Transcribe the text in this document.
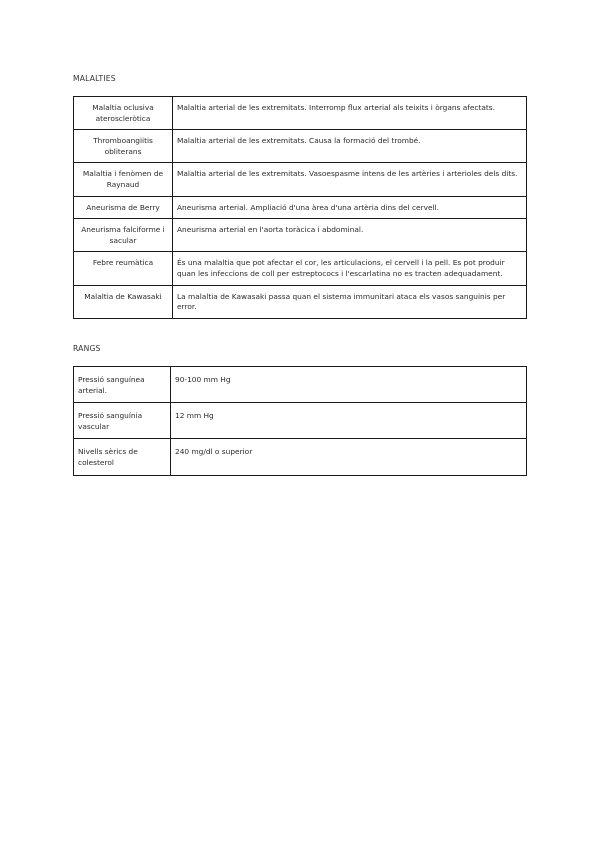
MALALTIES
Malaltia oclusiva ateroscleròtica	Malaltia arterial de les extremitats. Interromp flux arterial als teixits i òrgans afectats.
Thromboangiitis obliterans	Malaltia arterial de les extremitats. Causa la formació del trombé.
Malaltia i fenòmen de Raynaud	Malaltia arterial de les extremitats. Vasoespasme intens de les artèries i arterioles dels dits.
Aneurisma de Berry	Aneurisma arterial. Ampliació d'una àrea d'una artèria dins del cervell.
Aneurisma falciforme i sacular	Aneurisma arterial en l'aorta toràcica i abdominal.
Febre reumàtica	És una malaltia que pot afectar el cor, les articulacions, el cervell i la pell. Es pot produir quan les infeccions de coll per estreptococs i l'escarlatina no es tracten adequadament.
Malaltia de Kawasaki	La malaltia de Kawasaki passa quan el sistema immunitari ataca els vasos sanguinis per error.
RANGS
Pressió sanguínea arterial.	90-100 mm Hg
Pressió sanguínia vascular	12 mm Hg
Nivells sèrics de colesterol	240 mg/dl o superior
